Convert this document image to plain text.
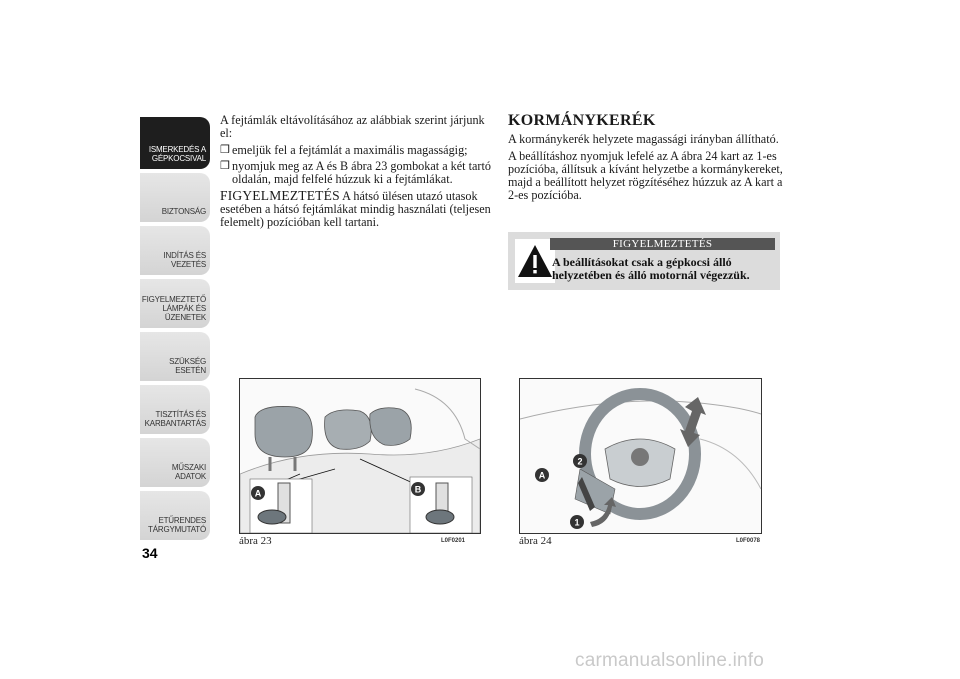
ISMERKEDÉS A
GÉPKOCSIVAL
BIZTONSÁG
INDÍTÁS ÉS
VEZETÉS
FIGYELMEZTETŐ
LÁMPÁK ÉS
ÜZENETEK
SZÜKSÉG ESETÉN
TISZTÍTÁS ÉS
KARBANTARTÁS
MŰSZAKI ADATOK
ETŰRENDES
TÁRGYMUTATÓ
34

A fejtámlák eltávolításához az alábbiak szerint járjunk el:

❒ emeljük fel a fejtámlát a maximális magasságig;
❒ nyomjuk meg az A és B ábra 23 gombokat a két tartó oldalán, majd felfelé húzzuk ki a fejtámlákat.

FIGYELMEZTETÉS A hátsó ülésen utazó utasok esetében a hátsó fejtámlákat mindig használati (teljesen felemelt) pozícióban kell tartani.

KORMÁNYKERÉK

A kormánykerék helyzete magassági irányban állítható.

A beállításhoz nyomjuk lefelé az A ábra 24 kart az 1-es pozícióba, állítsuk a kívánt helyzetbe a kormánykereket, majd a beállított helyzet rögzítéséhez húzzuk az A kart a 2-es pozícióba.

FIGYELMEZTETÉS
A beállításokat csak a gépkocsi álló helyzetében és álló motornál végezzük.
A	B
ábra 23	L0F0201
A
2
1
ábra 24	L0F0078
carmanualsonline.info
